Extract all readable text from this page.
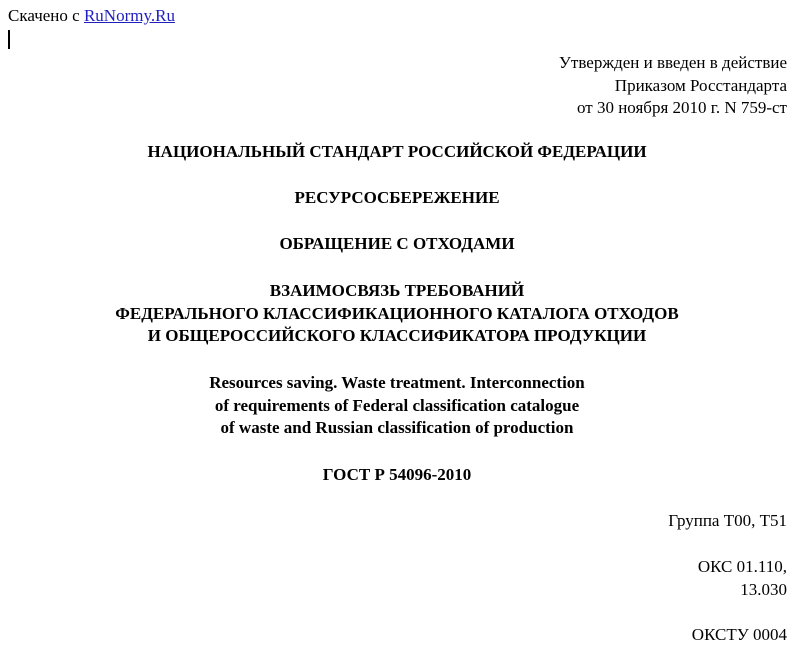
Скачено с RuNormy.Ru
Утвержден и введен в действие
Приказом Росстандарта
от 30 ноября 2010 г. N 759-ст
НАЦИОНАЛЬНЫЙ СТАНДАРТ РОССИЙСКОЙ ФЕДЕРАЦИИ
РЕСУРСОСБЕРЕЖЕНИЕ
ОБРАЩЕНИЕ С ОТХОДАМИ
ВЗАИМОСВЯЗЬ ТРЕБОВАНИЙ
ФЕДЕРАЛЬНОГО КЛАССИФИКАЦИОННОГО КАТАЛОГА ОТХОДОВ
И ОБЩЕРОССИЙСКОГО КЛАССИФИКАТОРА ПРОДУКЦИИ
Resources saving. Waste treatment. Interconnection
of requirements of Federal classification catalogue
of waste and Russian classification of production
ГОСТ Р 54096-2010
Группа Т00, Т51
ОКС 01.110,
13.030
ОКСТУ 0004
